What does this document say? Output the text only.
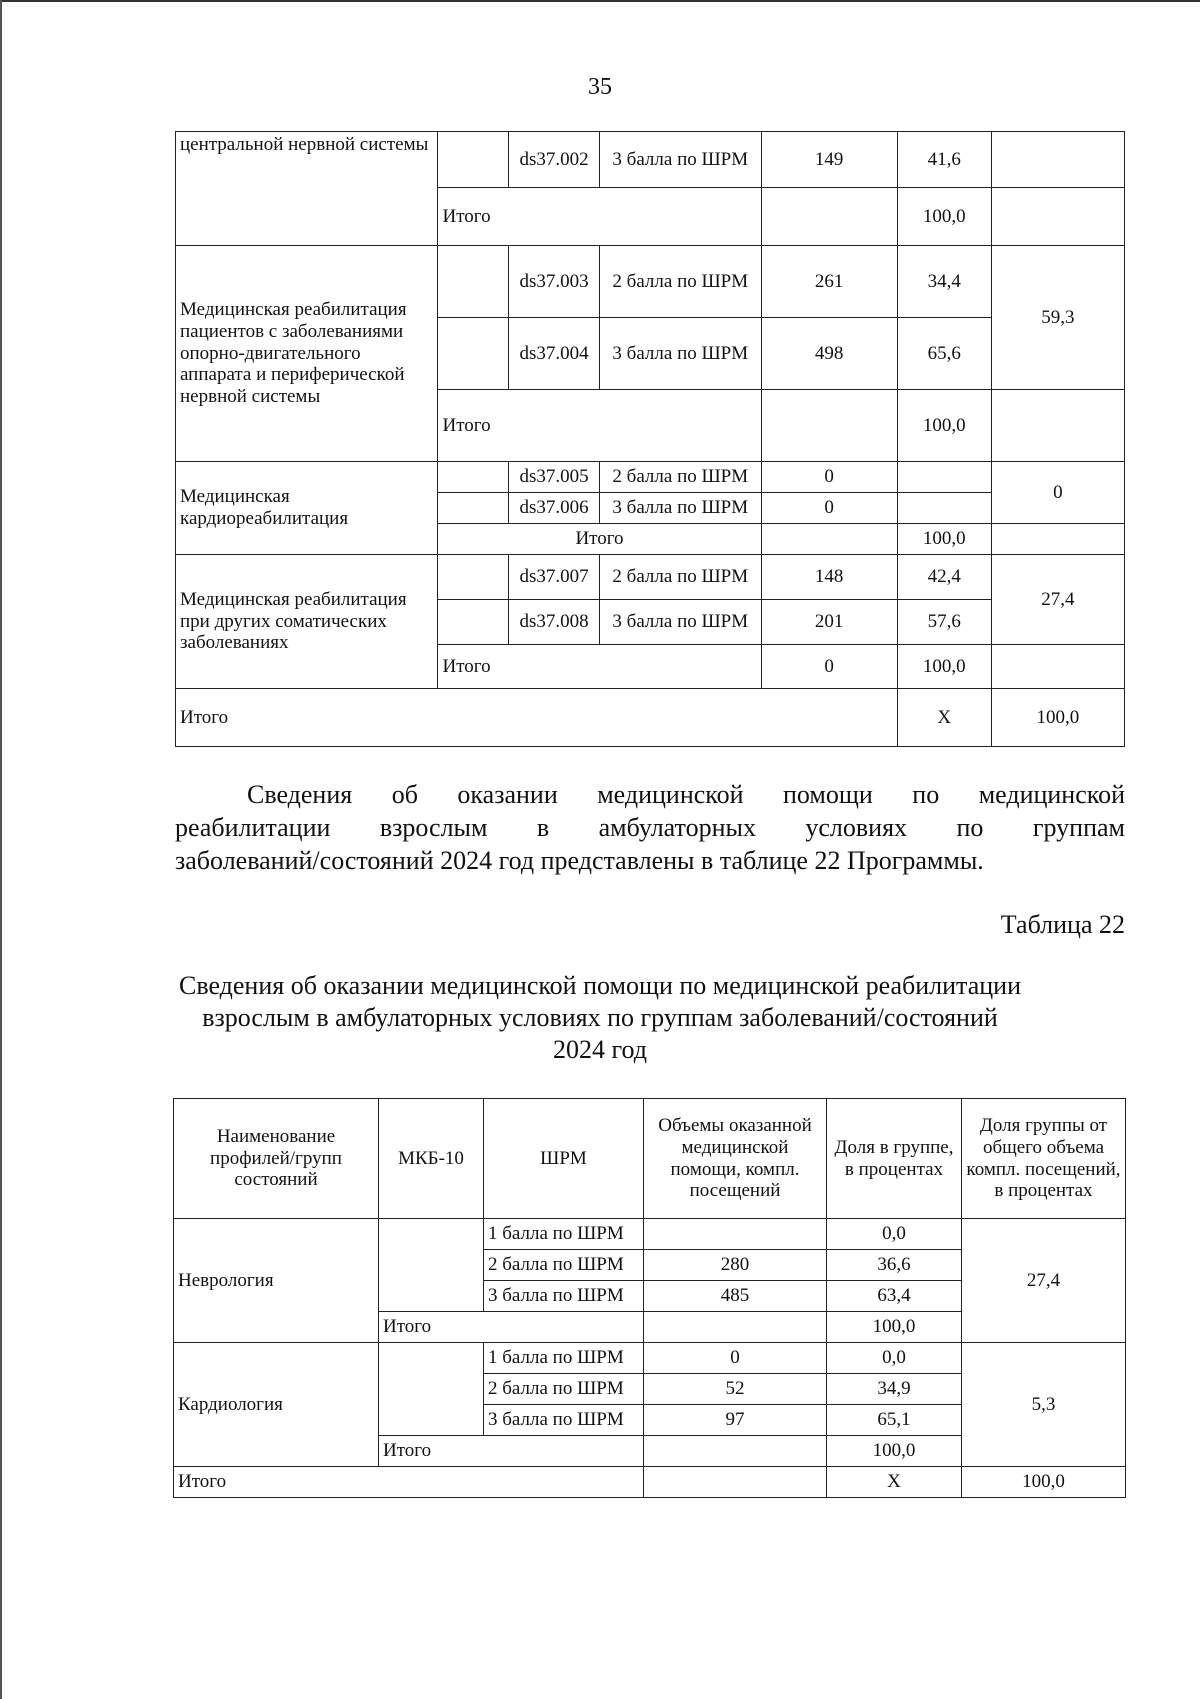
35
центральной нервной системы		ds37.002	3 балла по ШРМ	149	41,6	
	Итого				100,0	
Медицинская реабилитация пациентов с заболеваниями опорно-двигательного аппарата и периферической нервной системы		ds37.003	2 балла по ШРМ	261	34,4	59,3
		ds37.004	3 балла по ШРМ	498	65,6	
	Итого				100,0	
Медицинская кардиореабилитация		ds37.005	2 балла по ШРМ	0		0
		ds37.006	3 балла по ШРМ	0		
	Итого				100,0	
Медицинская реабилитация при других соматических заболеваниях		ds37.007	2 балла по ШРМ	148	42,4	27,4
		ds37.008	3 балла по ШРМ	201	57,6	
	Итого			0	100,0	
Итого					Х	100,0
Сведения об оказании медицинской помощи по медицинской
реабилитации взрослым в амбулаторных условиях по группам
заболеваний/состояний 2024 год представлены в таблице 22 Программы.
Таблица 22
Сведения об оказании медицинской помощи по медицинской реабилитации
взрослым в амбулаторных условиях по группам заболеваний/состояний
2024 год
Наименование профилей/групп состояний	МКБ-10	ШРМ	Объемы оказанной медицинской помощи, компл. посещений	Доля в группе, в процентах	Доля группы от общего объема компл. посещений, в процентах
Неврология		1 балла по ШРМ		0,0	27,4
		2 балла по ШРМ	280	36,6	
		3 балла по ШРМ	485	63,4	
	Итого			100,0	
Кардиология		1 балла по ШРМ	0	0,0	5,3
		2 балла по ШРМ	52	34,9	
		3 балла по ШРМ	97	65,1	
	Итого			100,0	
Итого				Х	100,0
